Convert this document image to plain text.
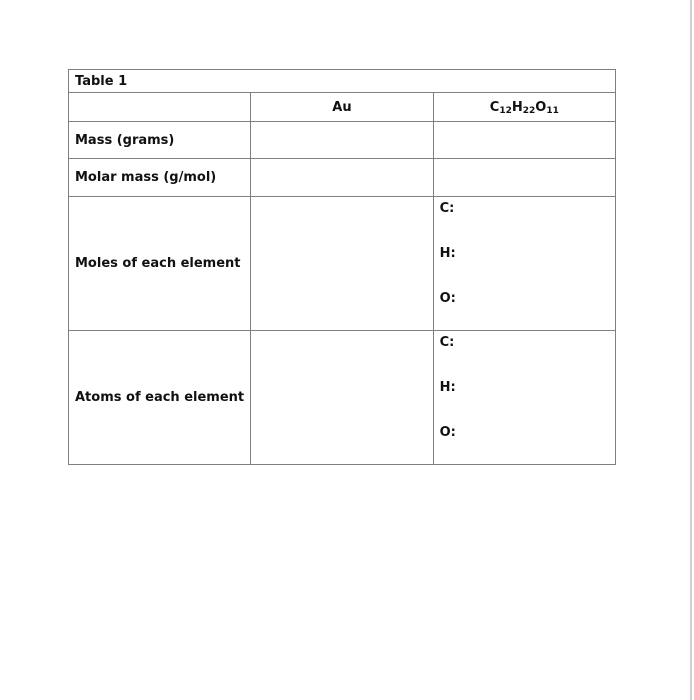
Table 1		
	Au	$C_{12}H_{22}O_{11}$
Mass (grams)		
Molar mass (g/mol)		
Moles of each element		C:
H:
O:

Atoms of each element		C:
H:
O:
